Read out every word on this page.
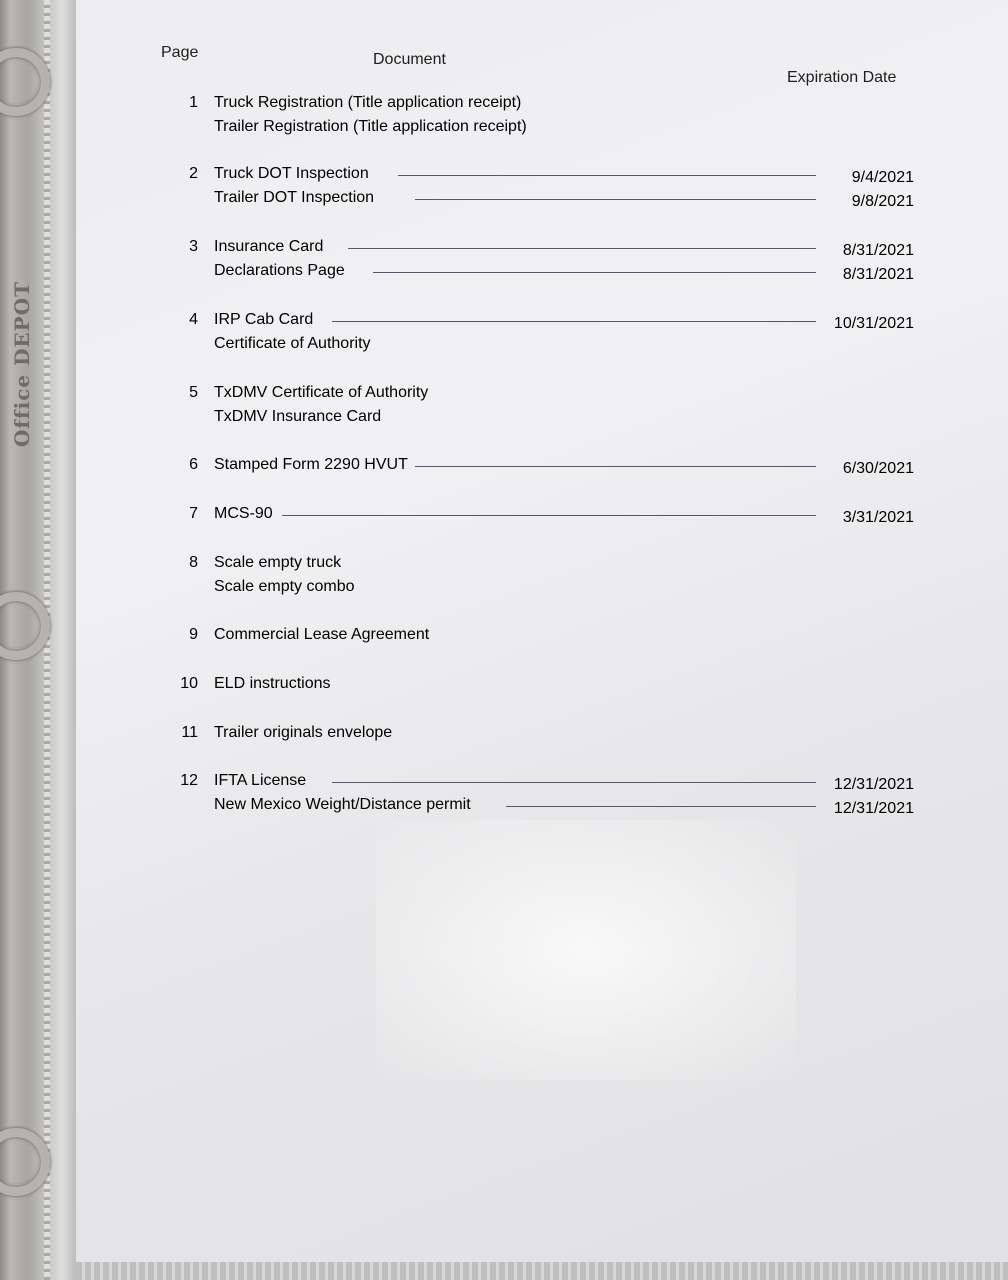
Office DEPOT
Page	Document
Expiration Date
1 Truck Registration (Title application receipt)
Trailer Registration (Title application receipt)
2 Truck DOT Inspection	9/4/2021
Trailer DOT Inspection	9/8/2021
3 Insurance Card	8/31/2021
Declarations Page	8/31/2021
4 IRP Cab Card	10/31/2021
Certificate of Authority
5 TxDMV Certificate of Authority
TxDMV Insurance Card
6 Stamped Form 2290 HVUT	6/30/2021
7 MCS-90	3/31/2021
8 Scale empty truck
Scale empty combo
9 Commercial Lease Agreement
10 ELD instructions
11 Trailer originals envelope
12 IFTA License	12/31/2021
New Mexico Weight/Distance permit	12/31/2021
